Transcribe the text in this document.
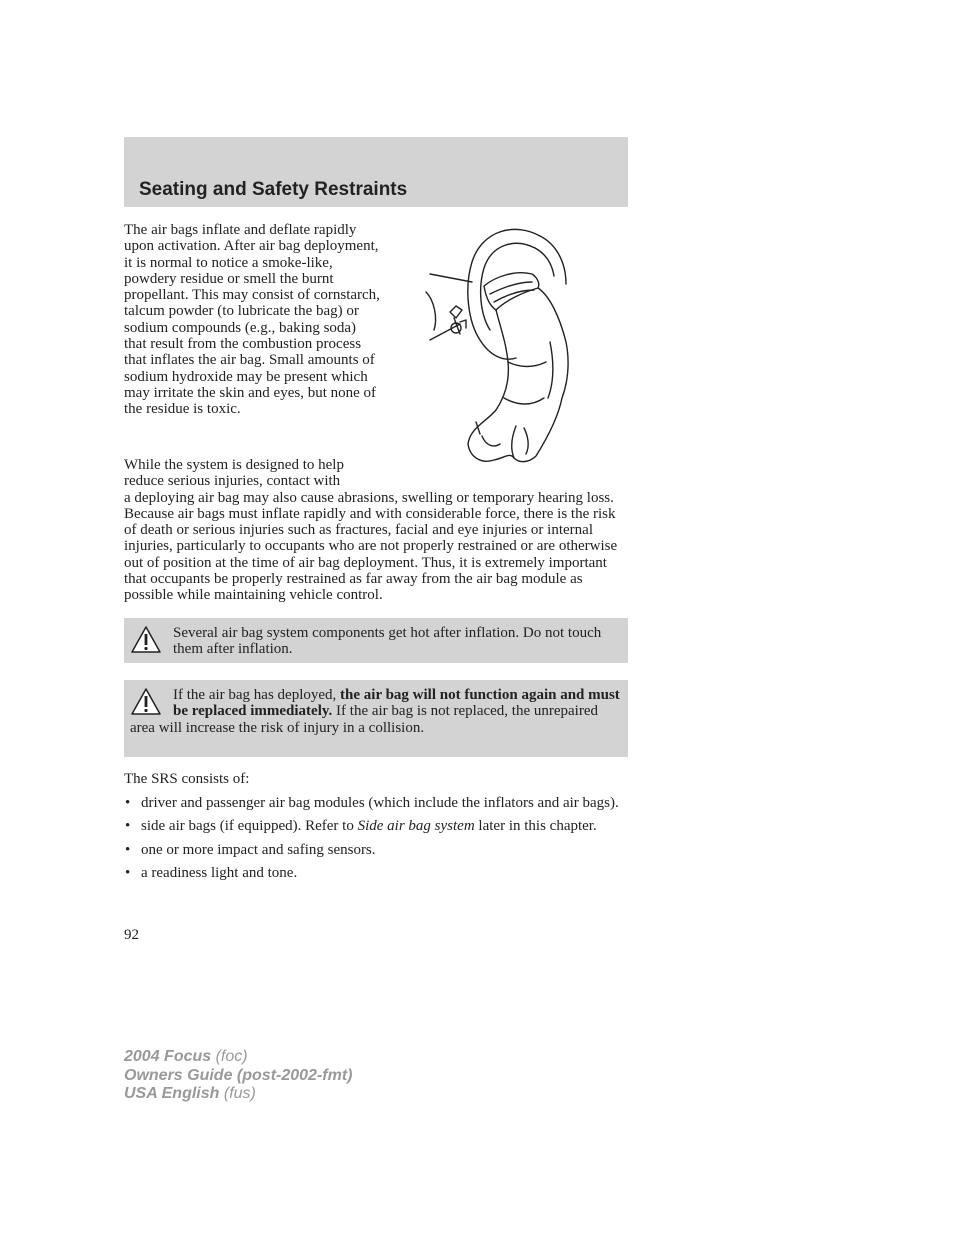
Seating and Safety Restraints

The air bags inflate and deflate rapidly upon activation. After air bag deployment, it is normal to notice a smoke-like, powdery residue or smell the burnt propellant. This may consist of cornstarch, talcum powder (to lubricate the bag) or sodium compounds (e.g., baking soda) that result from the combustion process that inflates the air bag. Small amounts of sodium hydroxide may be present which may irritate the skin and eyes, but none of the residue is toxic.

While the system is designed to help reduce serious injuries, contact with
a deploying air bag may also cause abrasions, swelling or temporary hearing loss. Because air bags must inflate rapidly and with considerable force, there is the risk of death or serious injuries such as fractures, facial and eye injuries or internal injuries, particularly to occupants who are not properly restrained or are otherwise out of position at the time of air bag deployment. Thus, it is extremely important that occupants be properly restrained as far away from the air bag module as possible while maintaining vehicle control.

Several air bag system components get hot after inflation. Do not touch them after inflation.

If the air bag has deployed, the air bag will not function again and must be replaced immediately. If the air bag is not replaced, the unrepaired area will increase the risk of injury in a collision.

The SRS consists of:

• driver and passenger air bag modules (which include the inflators and air bags).
• side air bags (if equipped). Refer to Side air bag system later in this chapter.
• one or more impact and safing sensors.
• a readiness light and tone.
92
2004 Focus (foc)
Owners Guide (post-2002-fmt)
USA English (fus)
